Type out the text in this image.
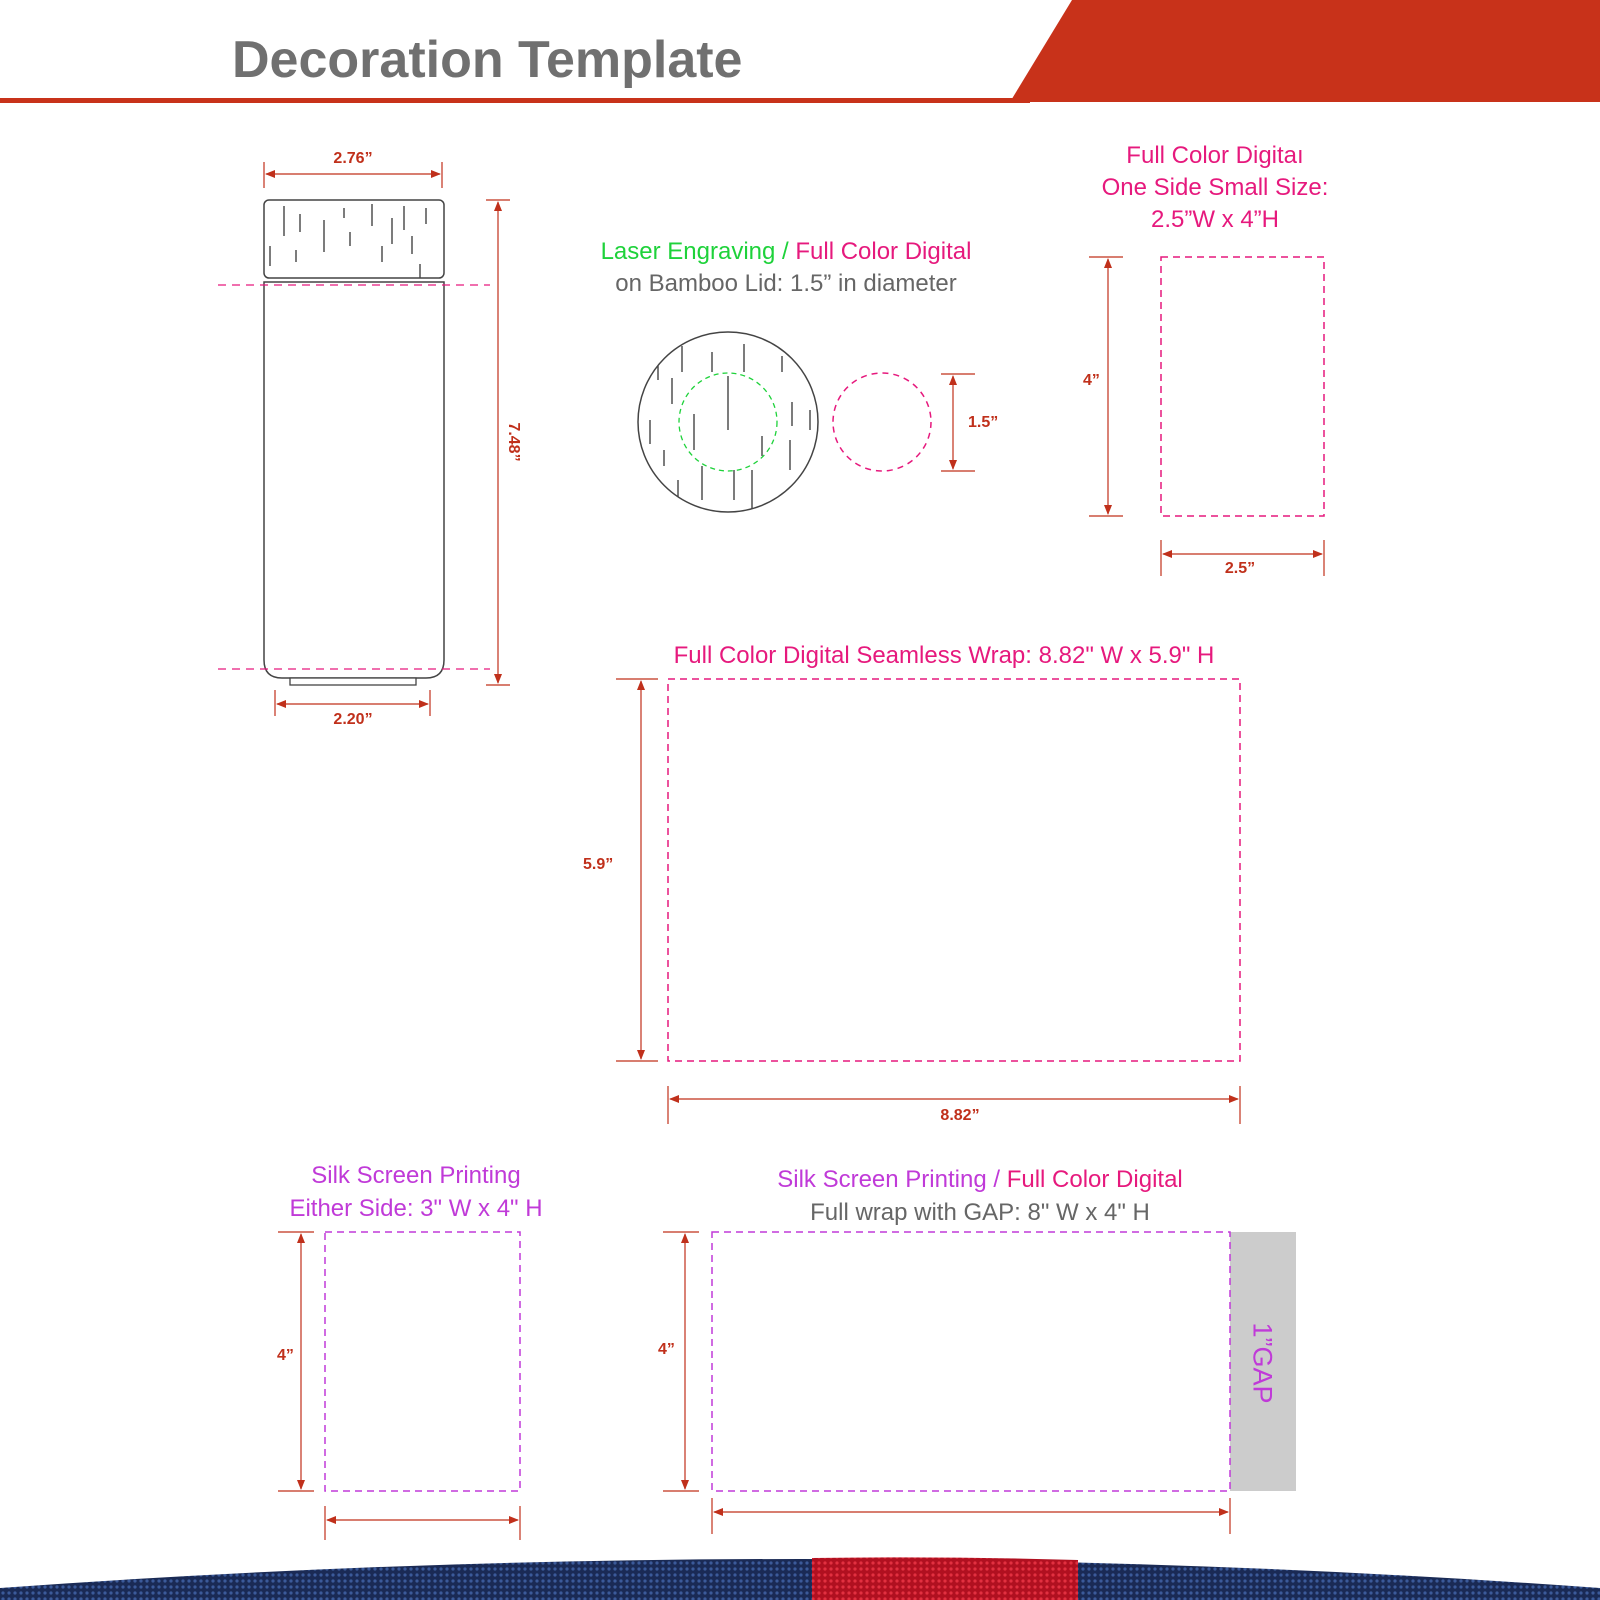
Decoration Template
2.76”
7.48”
2.20”
Laser Engraving / Full Color Digital
on Bamboo Lid: 1.5” in diameter
1.5”
Full Color Digitaı
One Side Small Size:
2.5”W x 4”H
4”
2.5”
Full Color Digital Seamless Wrap: 8.82" W x 5.9" H
5.9”
8.82”
Silk Screen Printing
Either Side: 3" W x 4" H
4”
Silk Screen Printing / Full Color Digital
Full wrap with GAP: 8" W x 4" H
4”	1”GAP
